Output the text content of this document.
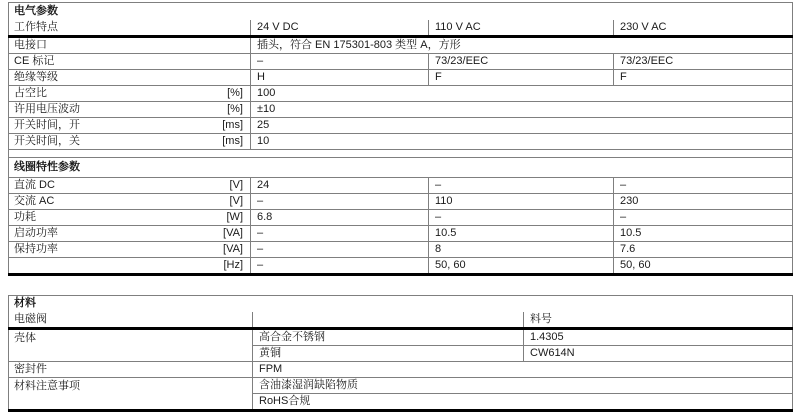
电气参数				
工作特点		24 V DC	110 V AC	230 V AC
电接口		插头，符合 EN 175301-803 类型 A，方形		
CE 标记		–	73/23/EEC	73/23/EEC
绝缘等级		H	F	F
占空比	[%]	100		
许用电压波动	[%]	±10		
开关时间，开	[ms]	25		
开关时间，关	[ms]	10		

线圈特性参数				
直流 DC	[V]	24	–	–
交流 AC	[V]	–	110	230
功耗	[W]	6.8	–	–
启动功率	[VA]	–	10.5	10.5
保持功率	[VA]	–	8	7.6
	[Hz]	–	50, 60	50, 60
材料		
电磁阀		料号
壳体	高合金不锈钢	1.4305
	黄铜	CW614N
密封件	FPM	
材料注意事项	含油漆湿润缺陷物质	
	RoHS合规	
